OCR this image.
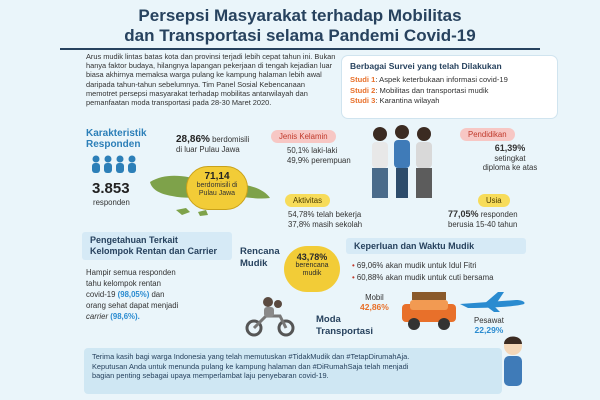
Persepsi Masyarakat terhadap Mobilitas
dan Transportasi selama Pandemi Covid-19
Arus mudik lintas batas kota dan provinsi terjadi lebih cepat tahun ini. Bukan hanya faktor budaya, hilangnya lapangan pekerjaan di tengah kejadian luar biasa akhirnya memaksa warga pulang ke kampung halaman lebih awal daripada tahun-tahun sebelumnya. Tim Panel Sosial Kebencanaan memotret persepsi masyarakat terhadap mobilitas antarwilayah dan pemanfaatan moda transportasi pada 28-30 Maret 2020.
Berbagai Survei yang telah Dilakukan
Studi 1: Aspek keterbukaan informasi covid-19
Studi 2: Mobilitas dan transportasi mudik
Studi 3: Karantina wilayah
Karakteristik
Responden
3.853
responden
28,86% berdomisili
di luar Pulau Jawa
71,14
berdomisili di
Pulau Jawa
Jenis Kelamin
50,1% laki-laki
49,9% perempuan
Pendidikan
61,39%
setingkat
diploma ke atas
Aktivitas
54,78% telah bekerja
37,8% masih sekolah
Usia
77,05% responden
berusia 15-40 tahun
Pengetahuan Terkait
Kelompok Rentan dan Carrier
Hampir semua responden
tahu kelompok rentan
covid-19 (98,05%) dan
orang sehat dapat menjadi
carrier (98,6%).
Rencana
Mudik
43,78%
berencana
mudik
Keperluan dan Waktu Mudik
• 69,06% akan mudik untuk Idul Fitri
• 60,88% akan mudik untuk cuti bersama
Moda
Transportasi
Mobil
42,86%
Pesawat
22,29%
Terima kasih bagi warga Indonesia yang telah memutuskan #TidakMudik dan #TetapDirumahAja.
Keputusan Anda untuk menunda pulang ke kampung halaman dan #DiRumahSaja telah menjadi
bagian penting sebagai upaya memperlambat laju penyebaran covid-19.
